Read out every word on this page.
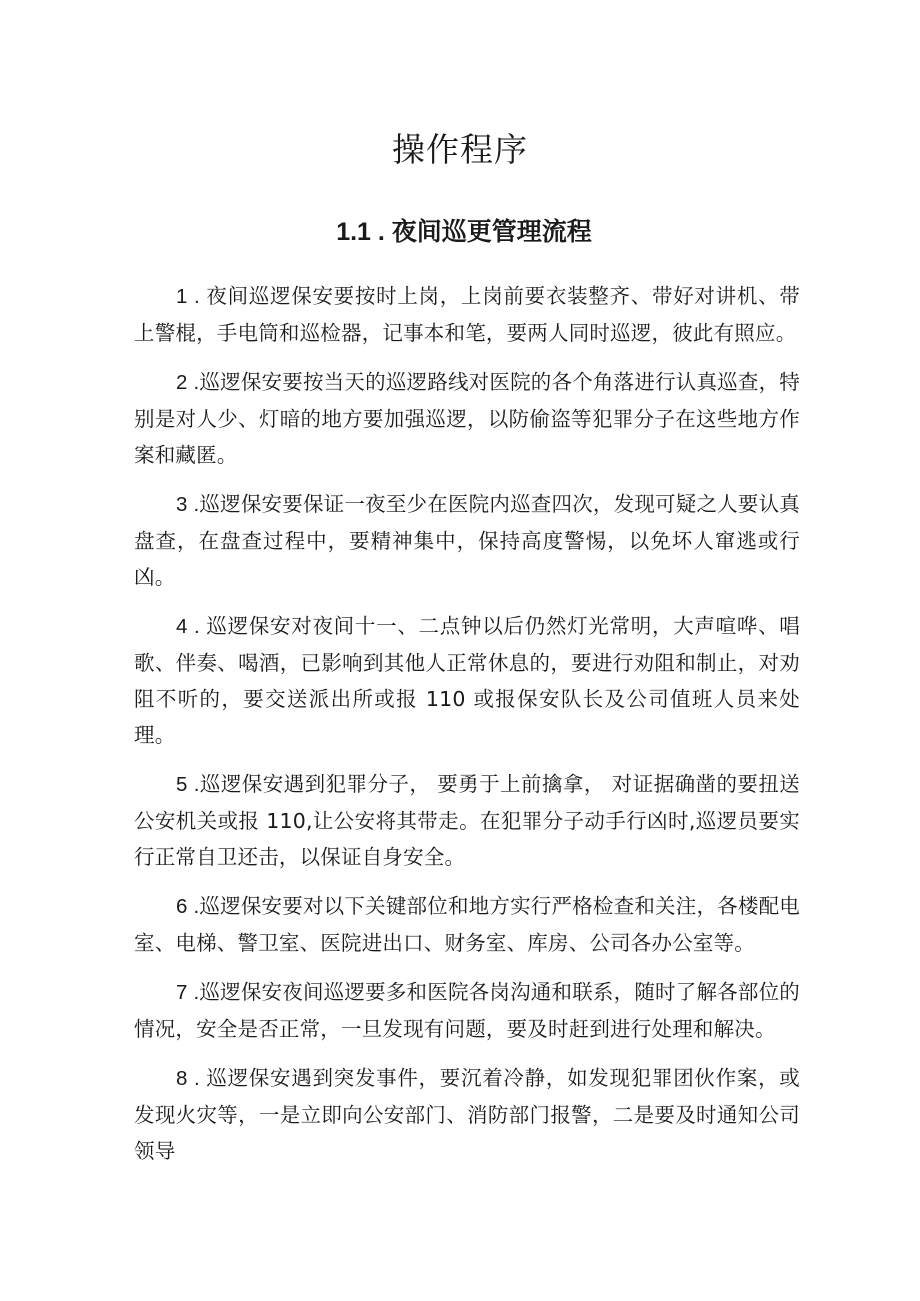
操作程序
1.1 . 夜间巡更管理流程

1 . 夜间巡逻保安要按时上岗，上岗前要衣装整齐、带好对讲机、带上警棍，手电筒和巡检器，记事本和笔，要两人同时巡逻，彼此有照应。

2 .巡逻保安要按当天的巡逻路线对医院的各个角落进行认真巡查，特别是对人少、灯暗的地方要加强巡逻，以防偷盗等犯罪分子在这些地方作案和藏匿。

3 .巡逻保安要保证一夜至少在医院内巡查四次，发现可疑之人要认真盘查，在盘查过程中，要精神集中，保持高度警惕，以免坏人窜逃或行凶。

4 . 巡逻保安对夜间十一、二点钟以后仍然灯光常明，大声喧哗、唱歌、伴奏、喝酒，已影响到其他人正常休息的，要进行劝阻和制止，对劝阻不听的，要交送派出所或报 110 或报保安队长及公司值班人员来处理。

5 .巡逻保安遇到犯罪分子， 要勇于上前擒拿， 对证据确凿的要扭送公安机关或报 110,让公安将其带走。在犯罪分子动手行凶时,巡逻员要实行正常自卫还击，以保证自身安全。

6 .巡逻保安要对以下关键部位和地方实行严格检查和关注，各楼配电室、电梯、警卫室、医院进出口、财务室、库房、公司各办公室等。

7 .巡逻保安夜间巡逻要多和医院各岗沟通和联系，随时了解各部位的情况，安全是否正常，一旦发现有问题，要及时赶到进行处理和解决。

8 . 巡逻保安遇到突发事件，要沉着冷静，如发现犯罪团伙作案，或发现火灾等，一是立即向公安部门、消防部门报警，二是要及时通知公司领导
